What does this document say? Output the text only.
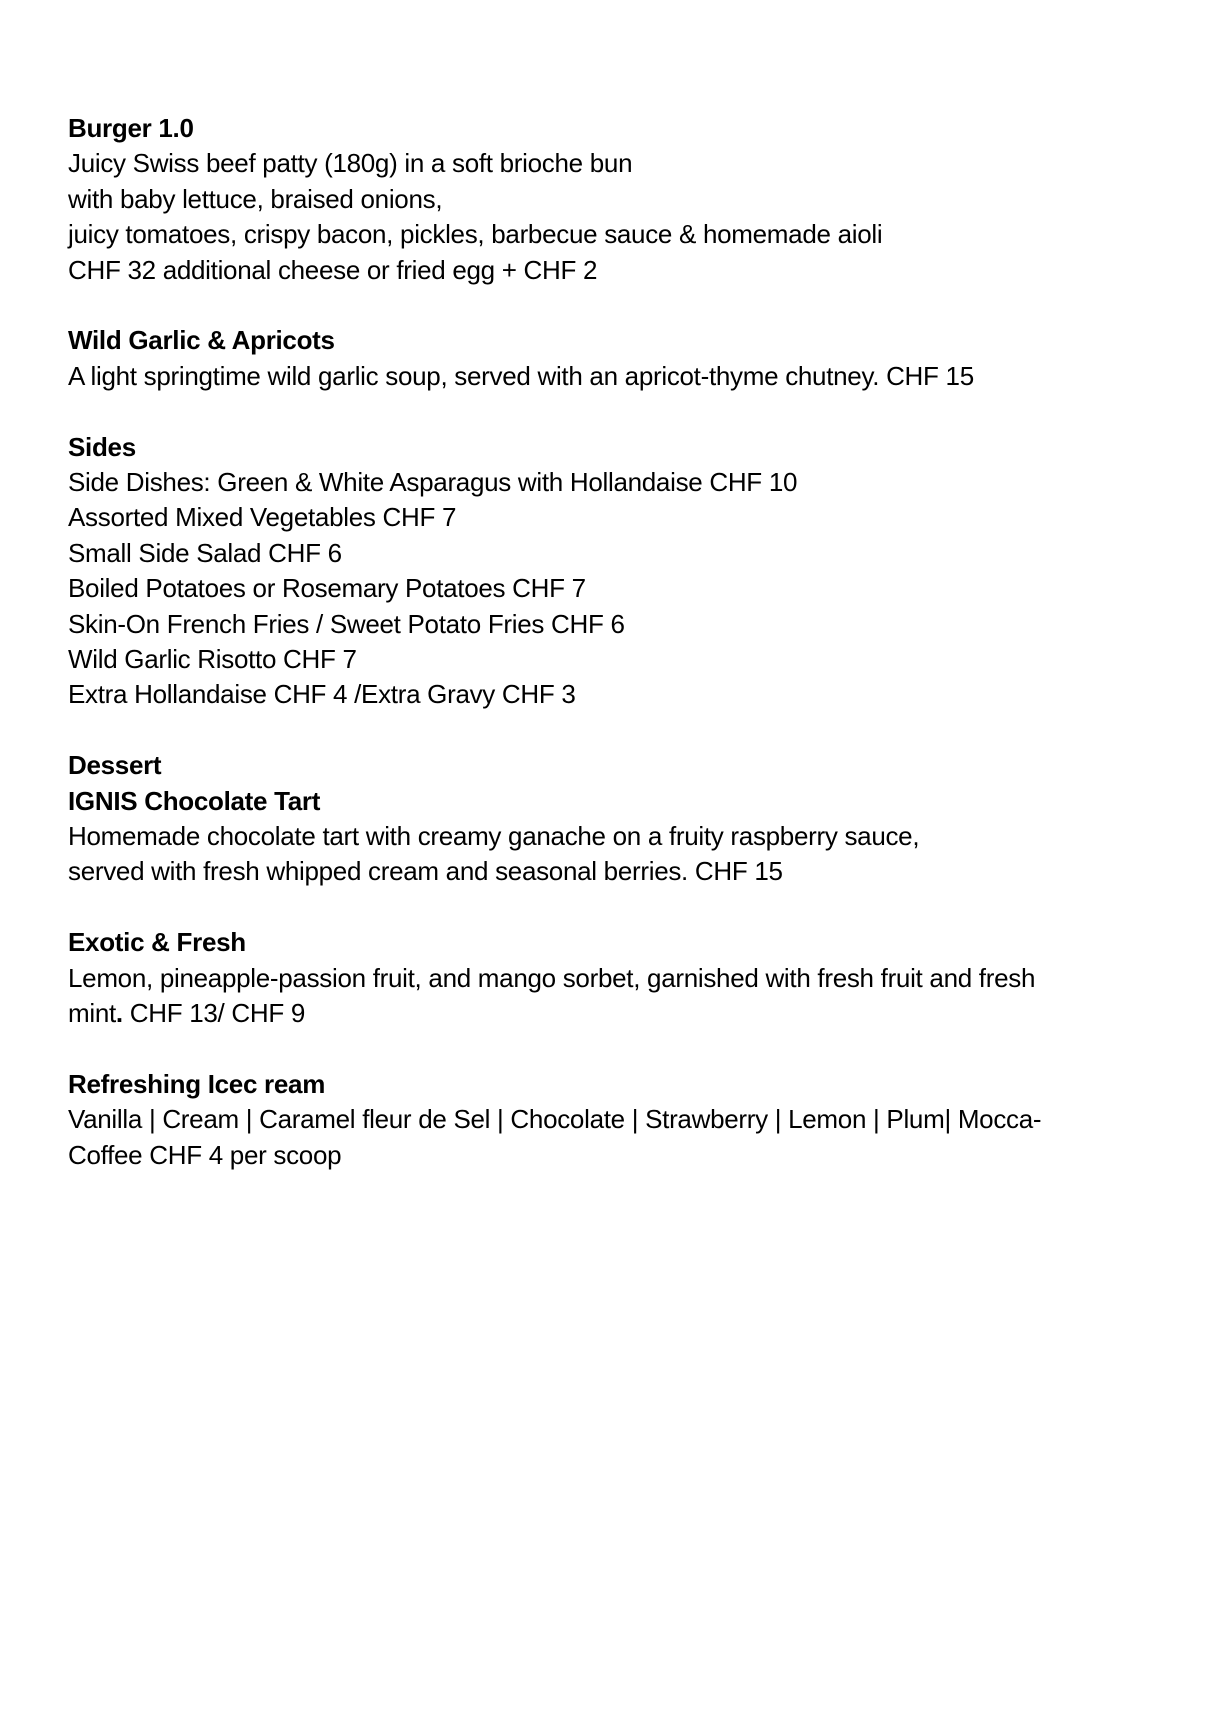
Burger 1.0
Juicy Swiss beef patty (180g) in a soft brioche bun
with baby lettuce, braised onions,
juicy tomatoes, crispy bacon, pickles, barbecue sauce & homemade aioli
CHF 32 additional cheese or fried egg + CHF 2
Wild Garlic & Apricots
A light springtime wild garlic soup, served with an apricot-thyme chutney. CHF 15
Sides
Side Dishes: Green & White Asparagus with Hollandaise CHF 10
Assorted Mixed Vegetables CHF 7
Small Side Salad CHF 6
Boiled Potatoes or Rosemary Potatoes CHF 7
Skin-On French Fries / Sweet Potato Fries CHF 6
Wild Garlic Risotto CHF 7
Extra Hollandaise CHF 4 /Extra Gravy CHF 3
Dessert
IGNIS Chocolate Tart
Homemade chocolate tart with creamy ganache on a fruity raspberry sauce,
served with fresh whipped cream and seasonal berries. CHF 15
Exotic & Fresh
Lemon, pineapple-passion fruit, and mango sorbet, garnished with fresh fruit and fresh
mint. CHF 13/ CHF 9
Refreshing Icec ream
Vanilla | Cream | Caramel fleur de Sel | Chocolate | Strawberry | Lemon | Plum| Mocca-
Coffee CHF 4 per scoop
